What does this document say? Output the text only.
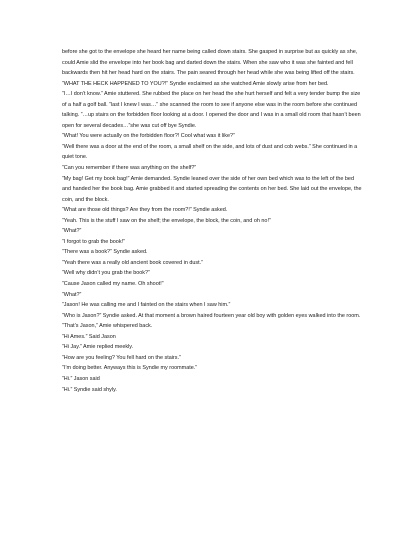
before she got to the envelope she heard her name being called down stairs. She gasped in surprise but as quickly as she, could Amie slid the envelope into her book bag and darted down the stairs. When she saw who it was she fainted and fell backwards then hit her head hard on the stairs. The pain seared through her head while she was being lifted off the stairs.

“WHAT THE HECK HAPPENED TO YOU?!” Syndie exclaimed as she watched Amie slowly arise from her bed.

“I…I don’t know.” Amie stuttered. She rubbed the place on her head the she hurt herself and felt a very tender bump the size of a half a golf ball. “last I knew I was…” she scanned the room to see if anyone else was in the room before she continued talking. “…up stairs on the forbidden floor looking at a door. I opened the door and I was in a small old room that hasn’t been open for several decades…”she was cut off bye Syndie.

“What! You were actually on the forbidden floor?! Cool what was it like?”

“Well there was a door at the end of the room, a small shelf on the side, and lots of dust and cob webs.” She continued in a quiet tone.

“Can you remember if there was anything on the shelf?”

“My bag! Get my book bag!” Amie demanded. Syndie leaned over the side of her own bed which was to the left of the bed and handed her the book bag. Amie grabbed it and started spreading the contents on her bed. She laid out the envelope, the coin, and the block.

“What are those old things? Are they from the room?!” Syndie asked.

“Yeah. This is the stuff I saw on the shelf; the envelope, the block, the coin, and oh no!”

“What?”

“I forgot to grab the book!”

“There was a book?” Syndie asked.

“Yeah there was a really old ancient book covered in dust.”

“Well why didn’t you grab the book?”

“Cause Jason called my name. Oh shoot!”

“What?”

“Jason! He was calling me and I fainted on the stairs when I saw him.”

“Who is Jason?” Syndie asked. At that moment a brown haired fourteen year old boy with golden eyes walked into the room.

“That’s Jason,” Amie whispered back.

“Hi Ames.” Said Jason

“Hi Jay.” Amie replied meekly.

“How are you feeling? You fell hard on the stairs.”

“I’m doing better. Anyways this is Syndie my roommate.”

“Hi.” Jason said

“Hi.” Syndie said shyly.
